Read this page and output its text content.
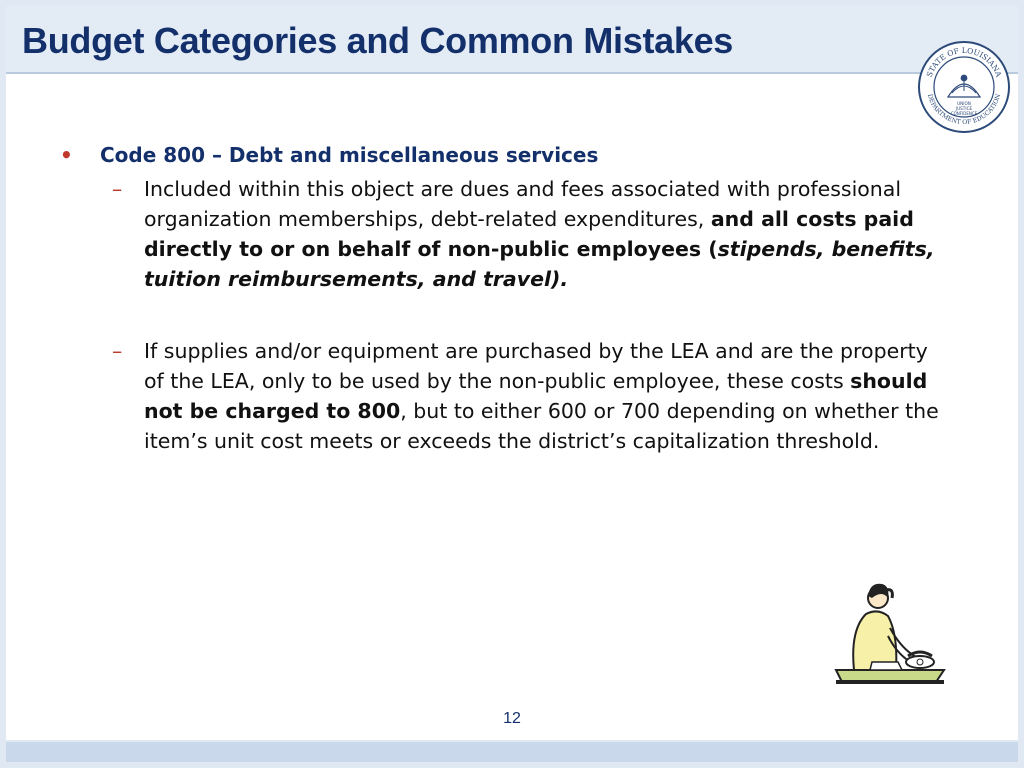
Budget Categories and Common Mistakes
STATE OF LOUISIANA
DEPARTMENT OF EDUCATION
UNION
JUSTICE
CONFIDENCE
• Code 800 – Debt and miscellaneous services
– Included within this object are dues and fees associated with professional organization memberships, debt-related expenditures, and all costs paid directly to or on behalf of non-public employees (stipends, benefits, tuition reimbursements, and travel).
– If supplies and/or equipment are purchased by the LEA and are the property of the LEA, only to be used by the non-public employee, these costs should not be charged to 800, but to either 600 or 700 depending on whether the item’s unit cost meets or exceeds the district’s capitalization threshold.
12
